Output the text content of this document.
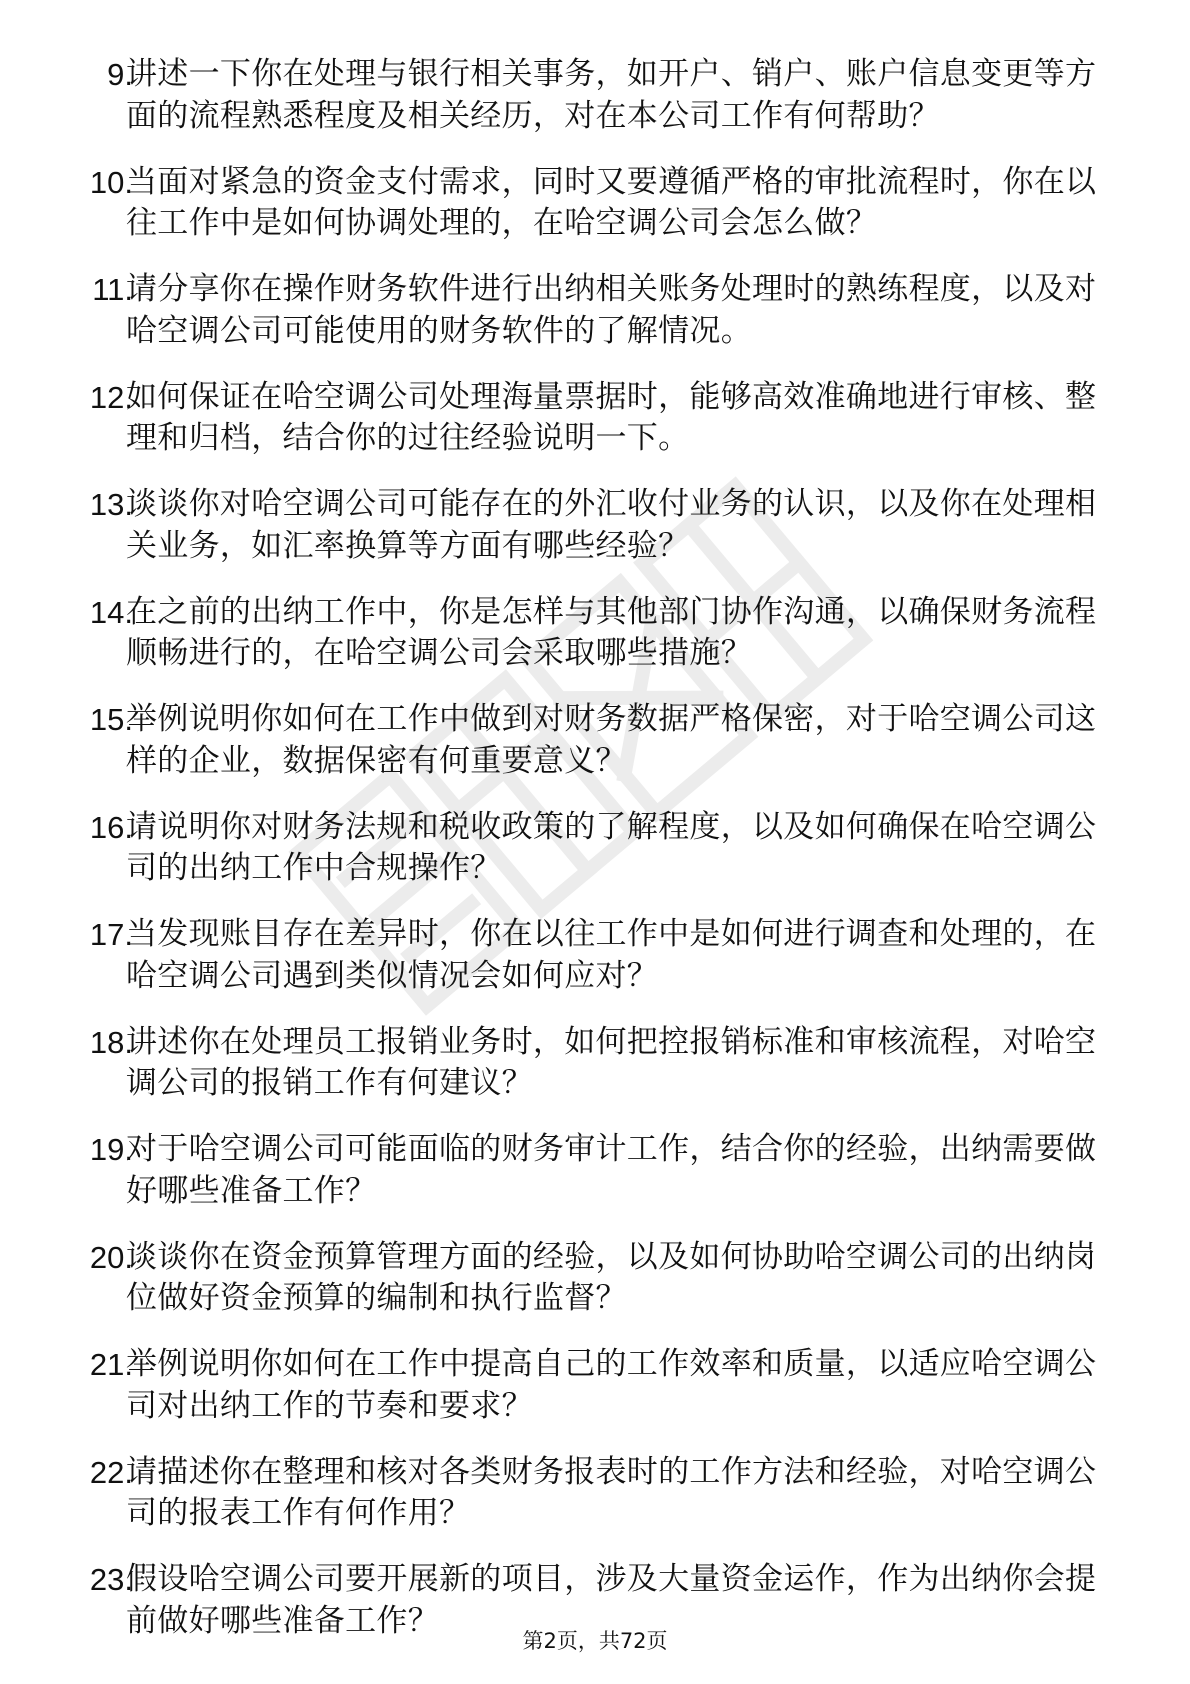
9.
讲述一下你在处理与银行相关事务，如开户、销户、账户信息变更等方面的流程熟悉程度及相关经历，对在本公司工作有何帮助？
10.
当面对紧急的资金支付需求，同时又要遵循严格的审批流程时，你在以往工作中是如何协调处理的，在哈空调公司会怎么做？
11.
请分享你在操作财务软件进行出纳相关账务处理时的熟练程度，以及对哈空调公司可能使用的财务软件的了解情况。
12.
如何保证在哈空调公司处理海量票据时，能够高效准确地进行审核、整理和归档，结合你的过往经验说明一下。
13.
谈谈你对哈空调公司可能存在的外汇收付业务的认识，以及你在处理相关业务，如汇率换算等方面有哪些经验？
14.
在之前的出纳工作中，你是怎样与其他部门协作沟通，以确保财务流程顺畅进行的，在哈空调公司会采取哪些措施？
15.
举例说明你如何在工作中做到对财务数据严格保密，对于哈空调公司这样的企业，数据保密有何重要意义？
16.
请说明你对财务法规和税收政策的了解程度，以及如何确保在哈空调公司的出纳工作中合规操作？
17.
当发现账目存在差异时，你在以往工作中是如何进行调查和处理的，在哈空调公司遇到类似情况会如何应对？
18.
讲述你在处理员工报销业务时，如何把控报销标准和审核流程，对哈空调公司的报销工作有何建议？
19.
对于哈空调公司可能面临的财务审计工作，结合你的经验，出纳需要做好哪些准备工作？
20.
谈谈你在资金预算管理方面的经验，以及如何协助哈空调公司的出纳岗位做好资金预算的编制和执行监督？
21.
举例说明你如何在工作中提高自己的工作效率和质量，以适应哈空调公司对出纳工作的节奏和要求？
22.
请描述你在整理和核对各类财务报表时的工作方法和经验，对哈空调公司的报表工作有何作用？
23.
假设哈空调公司要开展新的项目，涉及大量资金运作，作为出纳你会提前做好哪些准备工作？
第2页，共72页
